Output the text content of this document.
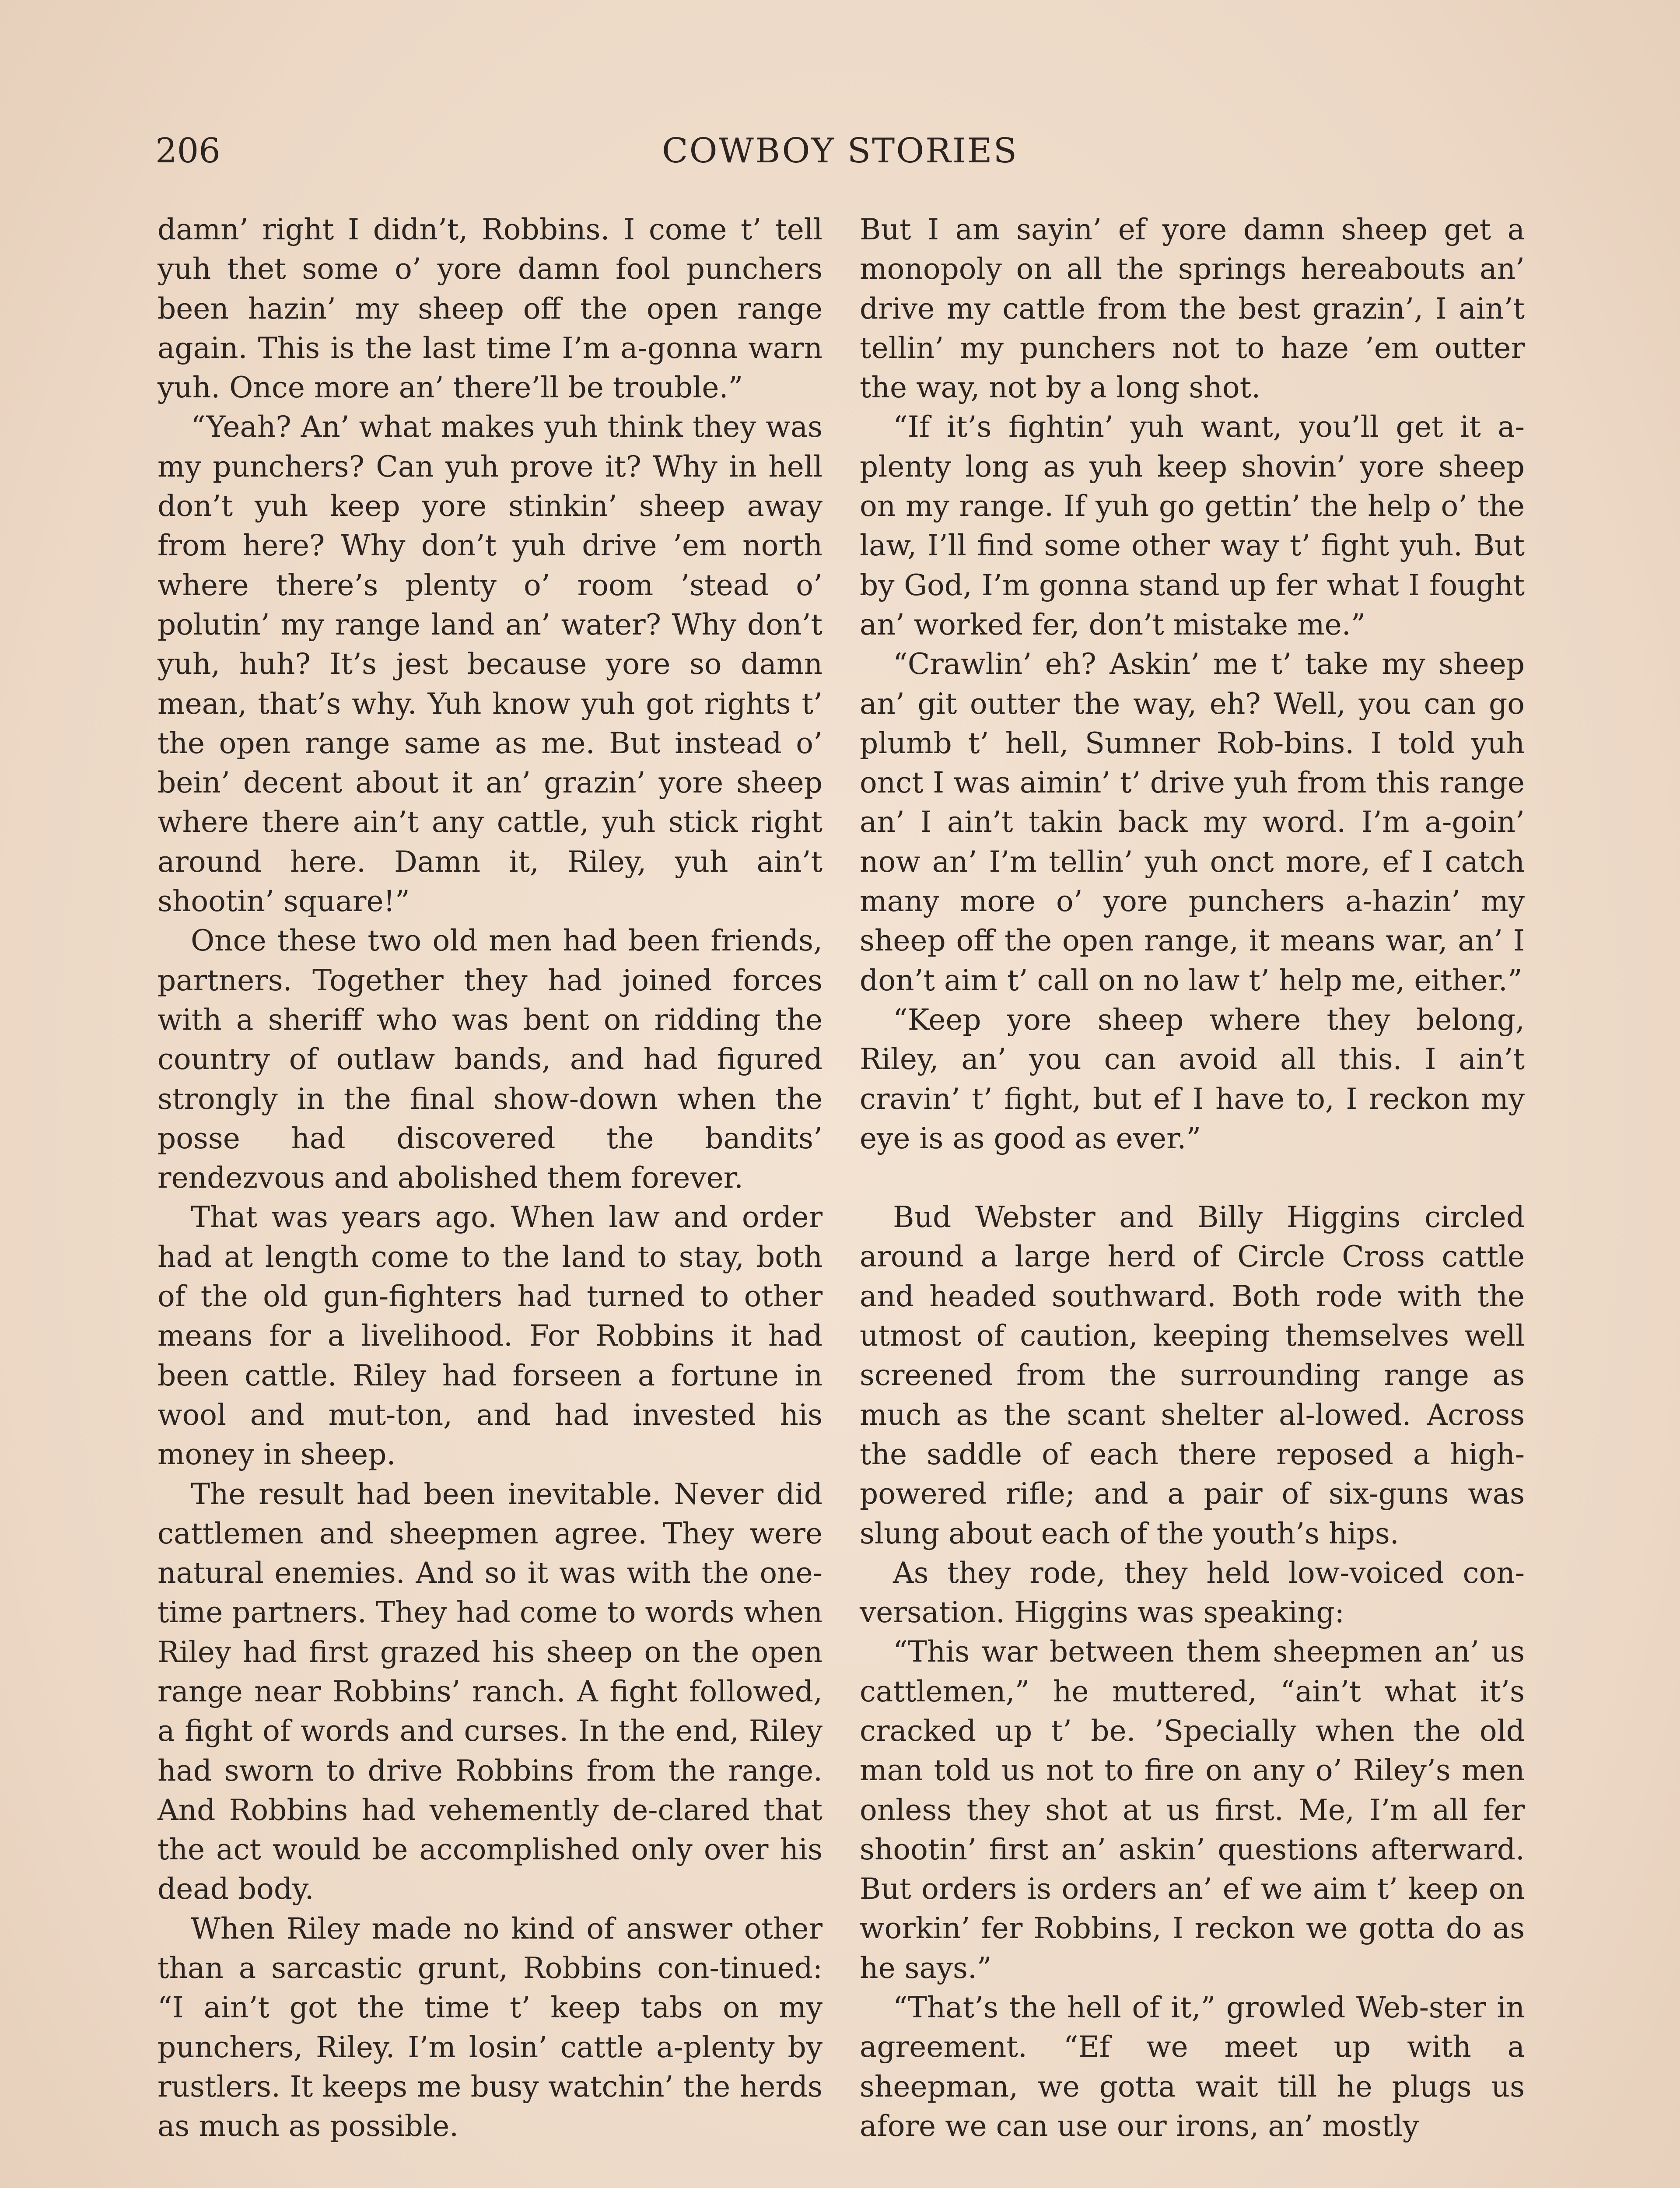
206	COWBOY STORIES

damn’ right I didn’t, Robbins. I come t’ tell yuh thet some o’ yore damn fool punchers been hazin’ my sheep off the open range again. This is the last time I’m a-gonna warn yuh. Once more an’ there’ll be trouble.”

“Yeah? An’ what makes yuh think they was my punchers? Can yuh prove it? Why in hell don’t yuh keep yore stinkin’ sheep away from here? Why don’t yuh drive ’em north where there’s plenty o’ room ’stead o’ polutin’ my range land an’ water? Why don’t yuh, huh? It’s jest because yore so damn mean, that’s why. Yuh know yuh got rights t’ the open range same as me. But instead o’ bein’ decent about it an’ grazin’ yore sheep where there ain’t any cattle, yuh stick right around here. Damn it, Riley, yuh ain’t shootin’ square!”

Once these two old men had been friends, partners. Together they had joined forces with a sheriff who was bent on ridding the country of outlaw bands, and had figured strongly in the final show-down when the posse had discovered the bandits’ rendezvous and abolished them forever.

That was years ago. When law and order had at length come to the land to stay, both of the old gun-fighters had turned to other means for a livelihood. For Robbins it had been cattle. Riley had forseen a fortune in wool and mut-ton, and had invested his money in sheep.

The result had been inevitable. Never did cattlemen and sheepmen agree. They were natural enemies. And so it was with the one-time partners. They had come to words when Riley had first grazed his sheep on the open range near Robbins’ ranch. A fight followed, a fight of words and curses. In the end, Riley had sworn to drive Robbins from the range. And Robbins had vehemently de-clared that the act would be accomplished only over his dead body.

When Riley made no kind of answer other than a sarcastic grunt, Robbins con-tinued: “I ain’t got the time t’ keep tabs on my punchers, Riley. I’m losin’ cattle a-plenty by rustlers. It keeps me busy watchin’ the herds as much as possible.

But I am sayin’ ef yore damn sheep get a monopoly on all the springs hereabouts an’ drive my cattle from the best grazin’, I ain’t tellin’ my punchers not to haze ’em outter the way, not by a long shot.

“If it’s fightin’ yuh want, you’ll get it a-plenty long as yuh keep shovin’ yore sheep on my range. If yuh go gettin’ the help o’ the law, I’ll find some other way t’ fight yuh. But by God, I’m gonna stand up fer what I fought an’ worked fer, don’t mistake me.”

“Crawlin’ eh? Askin’ me t’ take my sheep an’ git outter the way, eh? Well, you can go plumb t’ hell, Sumner Rob-bins. I told yuh onct I was aimin’ t’ drive yuh from this range an’ I ain’t takin back my word. I’m a-goin’ now an’ I’m tellin’ yuh onct more, ef I catch many more o’ yore punchers a-hazin’ my sheep off the open range, it means war, an’ I don’t aim t’ call on no law t’ help me, either.”

“Keep yore sheep where they belong, Riley, an’ you can avoid all this. I ain’t cravin’ t’ fight, but ef I have to, I reckon my eye is as good as ever.”

Bud Webster and Billy Higgins circled around a large herd of Circle Cross cattle and headed southward. Both rode with the utmost of caution, keeping themselves well screened from the surrounding range as much as the scant shelter al-lowed. Across the saddle of each there reposed a high-powered rifle; and a pair of six-guns was slung about each of the youth’s hips.

As they rode, they held low-voiced con-versation. Higgins was speaking:

“This war between them sheepmen an’ us cattlemen,” he muttered, “ain’t what it’s cracked up t’ be. ’Specially when the old man told us not to fire on any o’ Riley’s men onless they shot at us first. Me, I’m all fer shootin’ first an’ askin’ questions afterward. But orders is orders an’ ef we aim t’ keep on workin’ fer Robbins, I reckon we gotta do as he says.”

“That’s the hell of it,” growled Web-ster in agreement. “Ef we meet up with a sheepman, we gotta wait till he plugs us afore we can use our irons, an’ mostly
